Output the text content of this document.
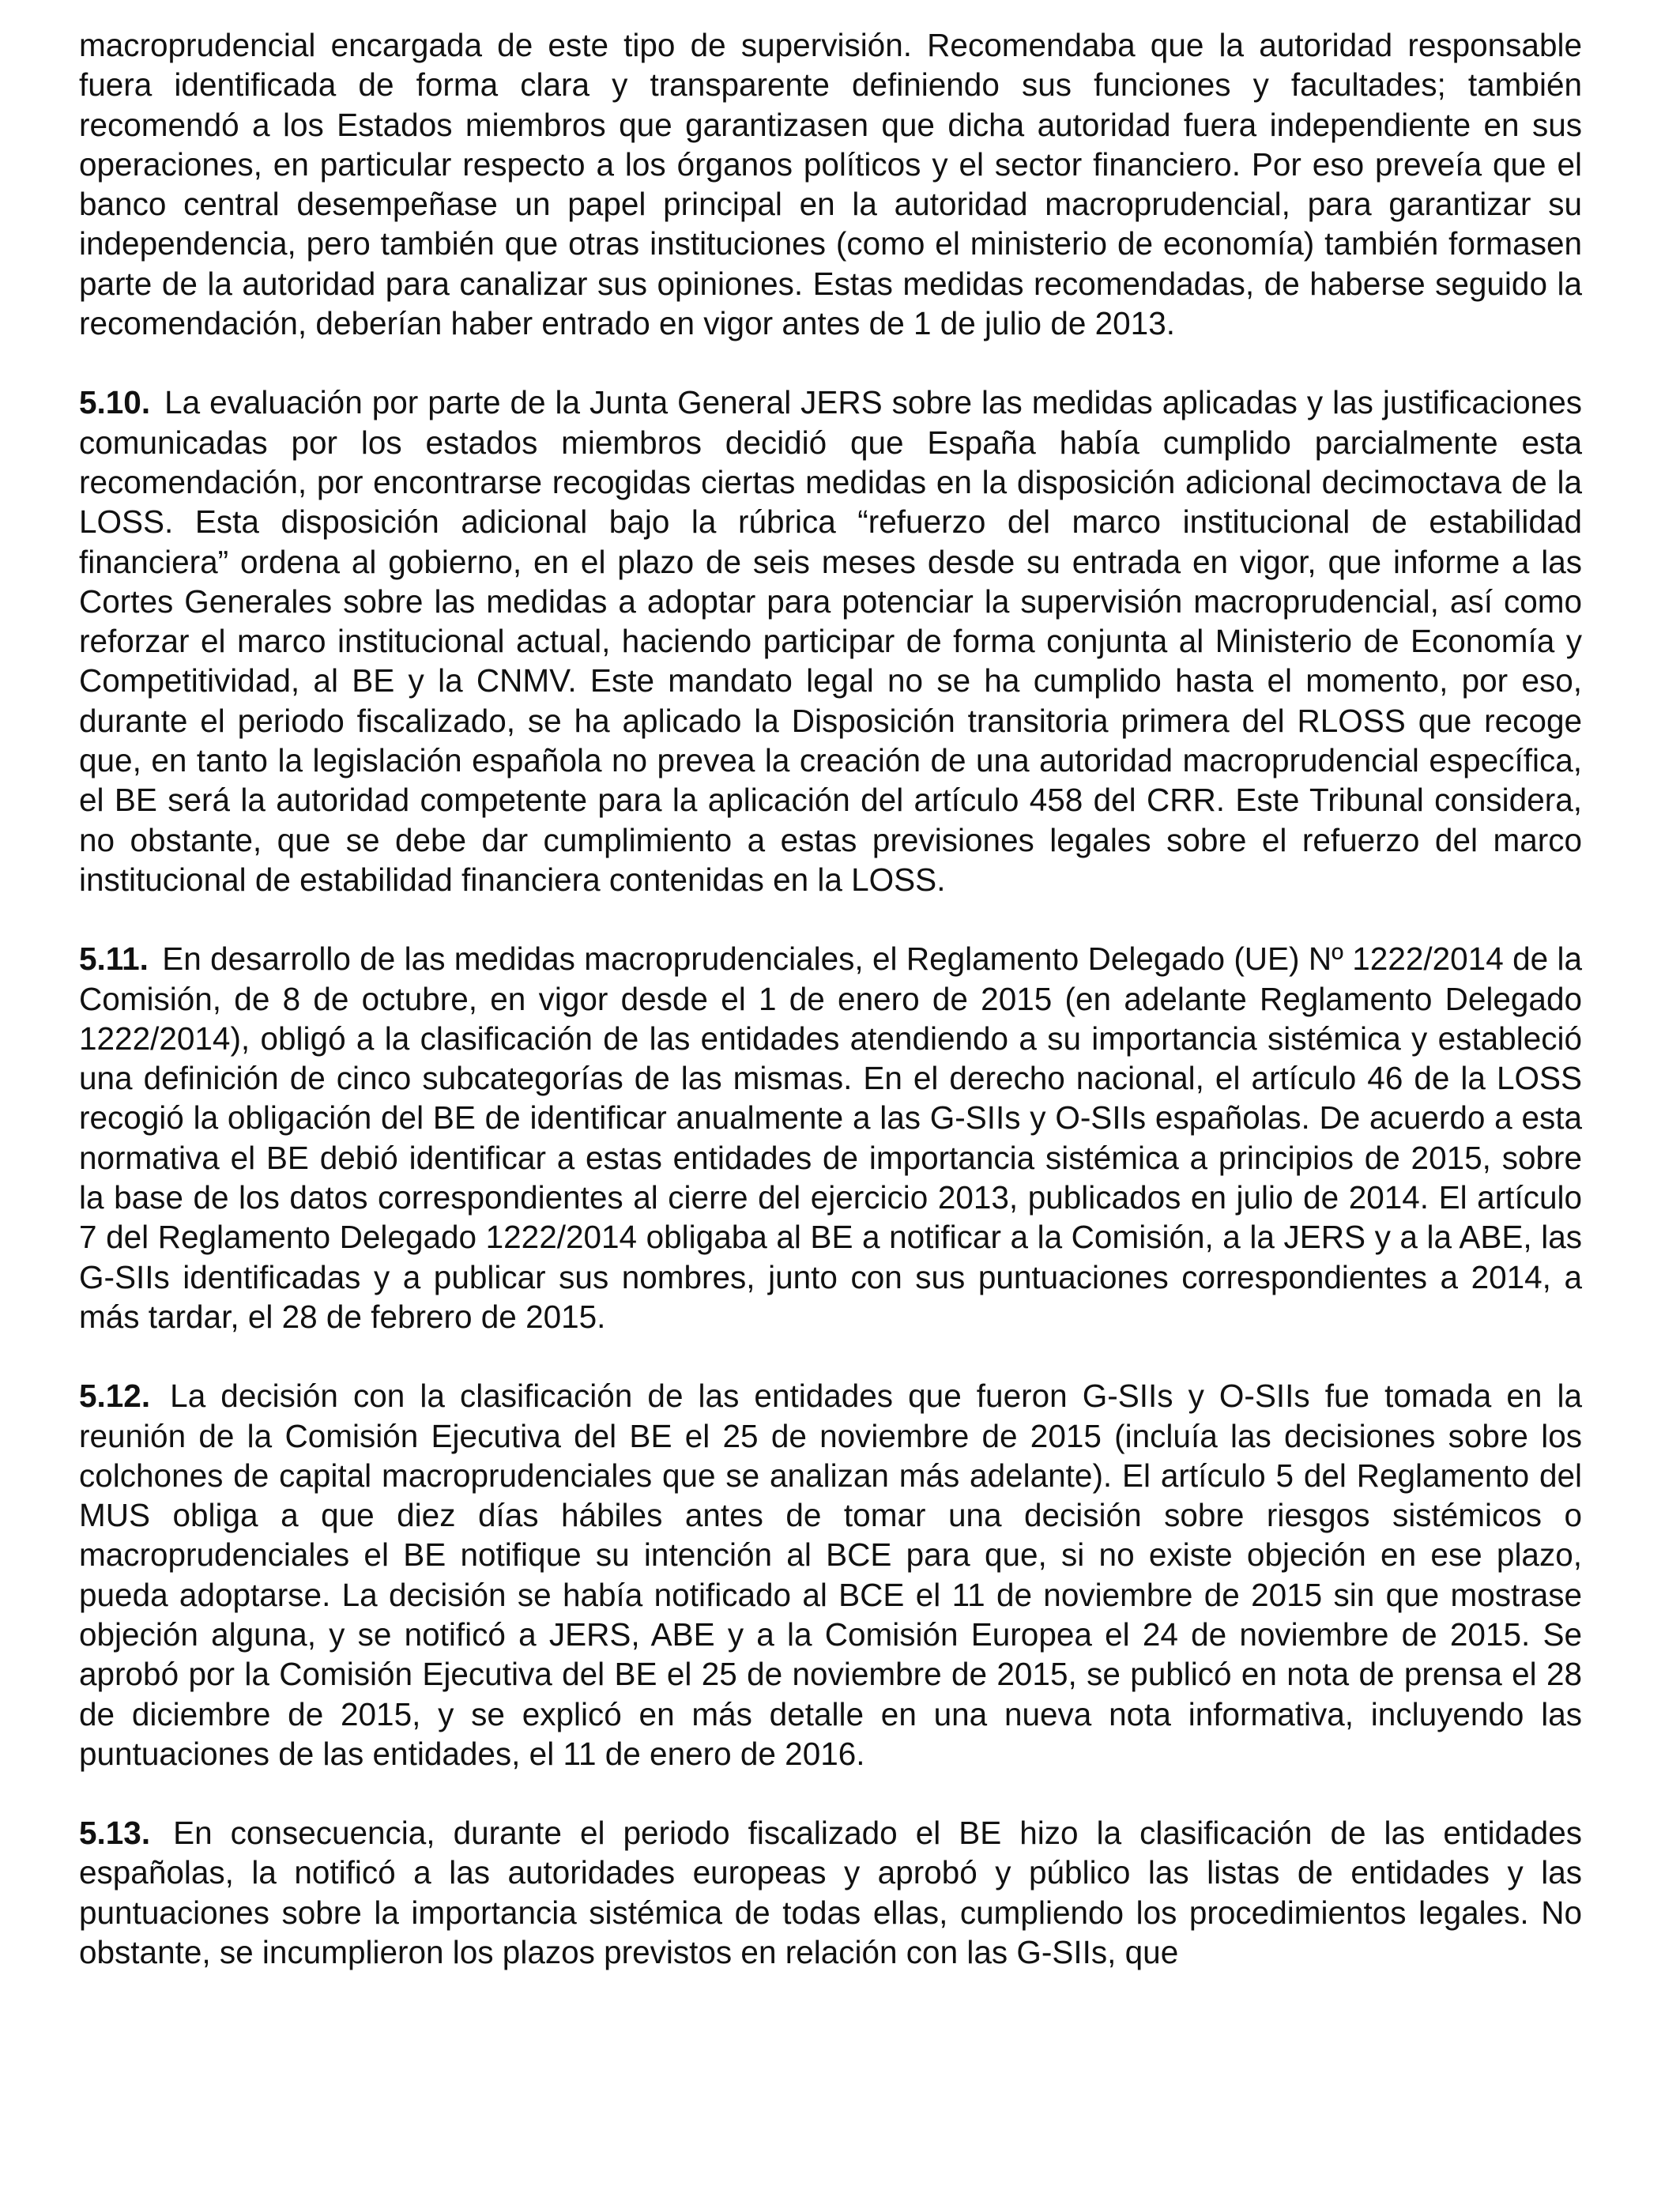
macroprudencial encargada de este tipo de supervisión. Recomendaba que la autoridad responsable fuera identificada de forma clara y transparente definiendo sus funciones y facultades; también recomendó a los Estados miembros que garantizasen que dicha autoridad fuera independiente en sus operaciones, en particular respecto a los órganos políticos y el sector financiero. Por eso preveía que el banco central desempeñase un papel principal en la autoridad macroprudencial, para garantizar su independencia, pero también que otras instituciones (como el ministerio de economía) también formasen parte de la autoridad para canalizar sus opiniones. Estas medidas recomendadas, de haberse seguido la recomendación, deberían haber entrado en vigor antes de 1 de julio de 2013.

5.10. La evaluación por parte de la Junta General JERS sobre las medidas aplicadas y las justificaciones comunicadas por los estados miembros decidió que España había cumplido parcialmente esta recomendación, por encontrarse recogidas ciertas medidas en la disposición adicional decimoctava de la LOSS. Esta disposición adicional bajo la rúbrica “refuerzo del marco institucional de estabilidad financiera” ordena al gobierno, en el plazo de seis meses desde su entrada en vigor, que informe a las Cortes Generales sobre las medidas a adoptar para potenciar la supervisión macroprudencial, así como reforzar el marco institucional actual, haciendo participar de forma conjunta al Ministerio de Economía y Competitividad, al BE y la CNMV. Este mandato legal no se ha cumplido hasta el momento, por eso, durante el periodo fiscalizado, se ha aplicado la Disposición transitoria primera del RLOSS que recoge que, en tanto la legislación española no prevea la creación de una autoridad macroprudencial específica, el BE será la autoridad competente para la aplicación del artículo 458 del CRR. Este Tribunal considera, no obstante, que se debe dar cumplimiento a estas previsiones legales sobre el refuerzo del marco institucional de estabilidad financiera contenidas en la LOSS.

5.11. En desarrollo de las medidas macroprudenciales, el Reglamento Delegado (UE) Nº 1222/2014 de la Comisión, de 8 de octubre, en vigor desde el 1 de enero de 2015 (en adelante Reglamento Delegado 1222/2014), obligó a la clasificación de las entidades atendiendo a su importancia sistémica y estableció una definición de cinco subcategorías de las mismas. En el derecho nacional, el artículo 46 de la LOSS recogió la obligación del BE de identificar anualmente a las G-SIIs y O-SIIs españolas. De acuerdo a esta normativa el BE debió identificar a estas entidades de importancia sistémica a principios de 2015, sobre la base de los datos correspondientes al cierre del ejercicio 2013, publicados en julio de 2014. El artículo 7 del Reglamento Delegado 1222/2014 obligaba al BE a notificar a la Comisión, a la JERS y a la ABE, las G-SIIs identificadas y a publicar sus nombres, junto con sus puntuaciones correspondientes a 2014, a más tardar, el 28 de febrero de 2015.

5.12. La decisión con la clasificación de las entidades que fueron G-SIIs y O-SIIs fue tomada en la reunión de la Comisión Ejecutiva del BE el 25 de noviembre de 2015 (incluía las decisiones sobre los colchones de capital macroprudenciales que se analizan más adelante). El artículo 5 del Reglamento del MUS obliga a que diez días hábiles antes de tomar una decisión sobre riesgos sistémicos o macroprudenciales el BE notifique su intención al BCE para que, si no existe objeción en ese plazo, pueda adoptarse. La decisión se había notificado al BCE el 11 de noviembre de 2015 sin que mostrase objeción alguna, y se notificó a JERS, ABE y a la Comisión Europea el 24 de noviembre de 2015. Se aprobó por la Comisión Ejecutiva del BE el 25 de noviembre de 2015, se publicó en nota de prensa el 28 de diciembre de 2015, y se explicó en más detalle en una nueva nota informativa, incluyendo las puntuaciones de las entidades, el 11 de enero de 2016.

5.13. En consecuencia, durante el periodo fiscalizado el BE hizo la clasificación de las entidades españolas, la notificó a las autoridades europeas y aprobó y público las listas de entidades y las puntuaciones sobre la importancia sistémica de todas ellas, cumpliendo los procedimientos legales. No obstante, se incumplieron los plazos previstos en relación con las G-SIIs, que
